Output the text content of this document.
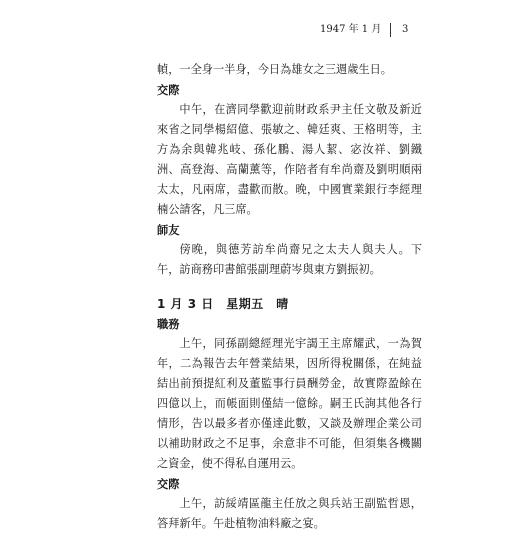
1947 年 1 月 3

幀，一全身一半身，今日為雄女之三週歲生日。

交際

中午，在濟同學歡迎前財政系尹主任文敬及新近來省之同學楊紹億、張敏之、韓廷爽、王格明等，主方為余與韓兆岐、孫化鵬、湯人絜、宓汝祥、劉鐵洲、高登海、高蘭薰等，作陪者有牟尚齋及劉明順兩太太，凡兩席，盡歡而散。晚，中國實業銀行李經理楠公請客，凡三席。

師友

傍晚，與德芳訪牟尚齋兄之太夫人與夫人。下午，訪商務印書館張副理蔚岑與東方劉振初。

1 月 3 日　星期五　晴

職務

上午，同孫副總經理光宇謁王主席耀武，一為賀年，二為報告去年營業結果，因所得稅關係，在純益結出前預提紅利及董監事行員酬勞金，故實際盈餘在四億以上，而帳面則僅結一億餘。嗣王氏詢其他各行情形，告以最多者亦僅達此數，又談及辦理企業公司以補助財政之不足事，余意非不可能，但須集各機關之資金，使不得私自運用云。

交際

上午，訪綏靖區龍主任放之與兵站王副監哲恩，答拜新年。午赴植物油料廠之宴。
